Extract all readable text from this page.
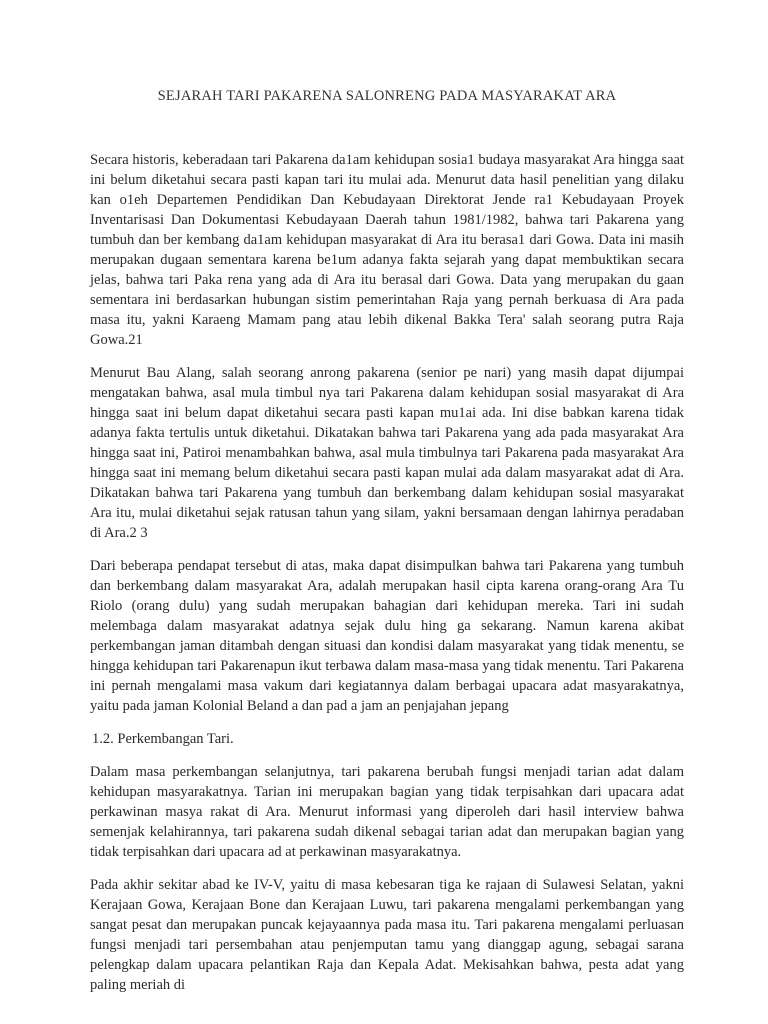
SEJARAH TARI PAKARENA SALONRENG PADA MASYARAKAT ARA

Secara historis, keberadaan tari Pakarena da1am kehidupan sosia1 budaya masyarakat Ara hingga saat ini belum diketahui secara pasti kapan tari itu mulai ada. Menurut data hasil penelitian yang dilaku kan o1eh Departemen Pendidikan Dan Kebudayaan Direktorat Jende ra1 Kebudayaan Proyek Inventarisasi Dan Dokumentasi Kebudayaan Daerah tahun 1981/1982, bahwa tari Pakarena yang tumbuh dan ber kembang da1am kehidupan masyarakat di Ara itu berasa1 dari Gowa. Data ini masih merupakan dugaan sementara karena be1um adanya fakta sejarah yang dapat membuktikan secara jelas, bahwa tari Paka rena yang ada di Ara itu berasal dari Gowa. Data yang merupakan du gaan sementara ini berdasarkan hubungan sistim pemerintahan Raja yang pernah berkuasa di Ara pada masa itu, yakni Karaeng Mamam pang atau lebih dikenal Bakka Tera' salah seorang putra Raja Gowa.21

Menurut Bau Alang, salah seorang anrong pakarena (senior pe nari) yang masih dapat dijumpai mengatakan bahwa, asal mula timbul nya tari Pakarena dalam kehidupan sosial masyarakat di Ara hingga saat ini belum dapat diketahui secara pasti kapan mu1ai ada. Ini dise babkan karena tidak adanya fakta tertulis untuk diketahui. Dikatakan bahwa tari Pakarena yang ada pada masyarakat Ara hingga saat ini, Patiroi menambahkan bahwa, asal mula timbulnya tari Pakarena pada masyarakat Ara hingga saat ini memang belum diketahui secara pasti kapan mulai ada dalam masyarakat adat di Ara. Dikatakan bahwa tari Pakarena yang tumbuh dan berkembang dalam kehidupan sosial masyarakat Ara itu, mulai diketahui sejak ratusan tahun yang silam, yakni bersamaan dengan lahirnya peradaban di Ara.2 3

Dari beberapa pendapat tersebut di atas, maka dapat disimpulkan bahwa tari Pakarena yang tumbuh dan berkembang dalam masyarakat Ara, adalah merupakan hasil cipta karena orang-orang Ara Tu Riolo (orang dulu) yang sudah merupakan bahagian dari kehidupan mereka. Tari ini sudah melembaga dalam masyarakat adatnya sejak dulu hing ga sekarang. Namun karena akibat perkembangan jaman ditambah dengan situasi dan kondisi dalam masyarakat yang tidak menentu, se hingga kehidupan tari Pakarenapun ikut terbawa dalam masa-masa yang tidak menentu. Tari Pakarena ini pernah mengalami masa vakum dari kegiatannya dalam berbagai upacara adat masyarakatnya, yaitu pada jaman Kolonial Beland a dan pad a jam an penjajahan jepang

1.2. Perkembangan Tari.

Dalam masa perkembangan selanjutnya, tari pakarena berubah fungsi menjadi tarian adat dalam kehidupan masyarakatnya. Tarian ini merupakan bagian yang tidak terpisahkan dari upacara adat perkawinan masya rakat di Ara. Menurut informasi yang diperoleh dari hasil interview bahwa semenjak kelahirannya, tari pakarena sudah dikenal sebagai tarian adat dan merupakan bagian yang tidak terpisahkan dari upacara ad at perkawinan masyarakatnya.

Pada akhir sekitar abad ke IV-V, yaitu di masa kebesaran tiga ke rajaan di Sulawesi Selatan, yakni Kerajaan Gowa, Kerajaan Bone dan Kerajaan Luwu, tari pakarena mengalami perkembangan yang sangat pesat dan merupakan puncak kejayaannya pada masa itu. Tari pakarena mengalami perluasan fungsi menjadi tari persembahan atau penjemputan tamu yang dianggap agung, sebagai sarana pelengkap dalam upacara pelantikan Raja dan Kepala Adat. Mekisahkan bahwa, pesta adat yang paling meriah di
